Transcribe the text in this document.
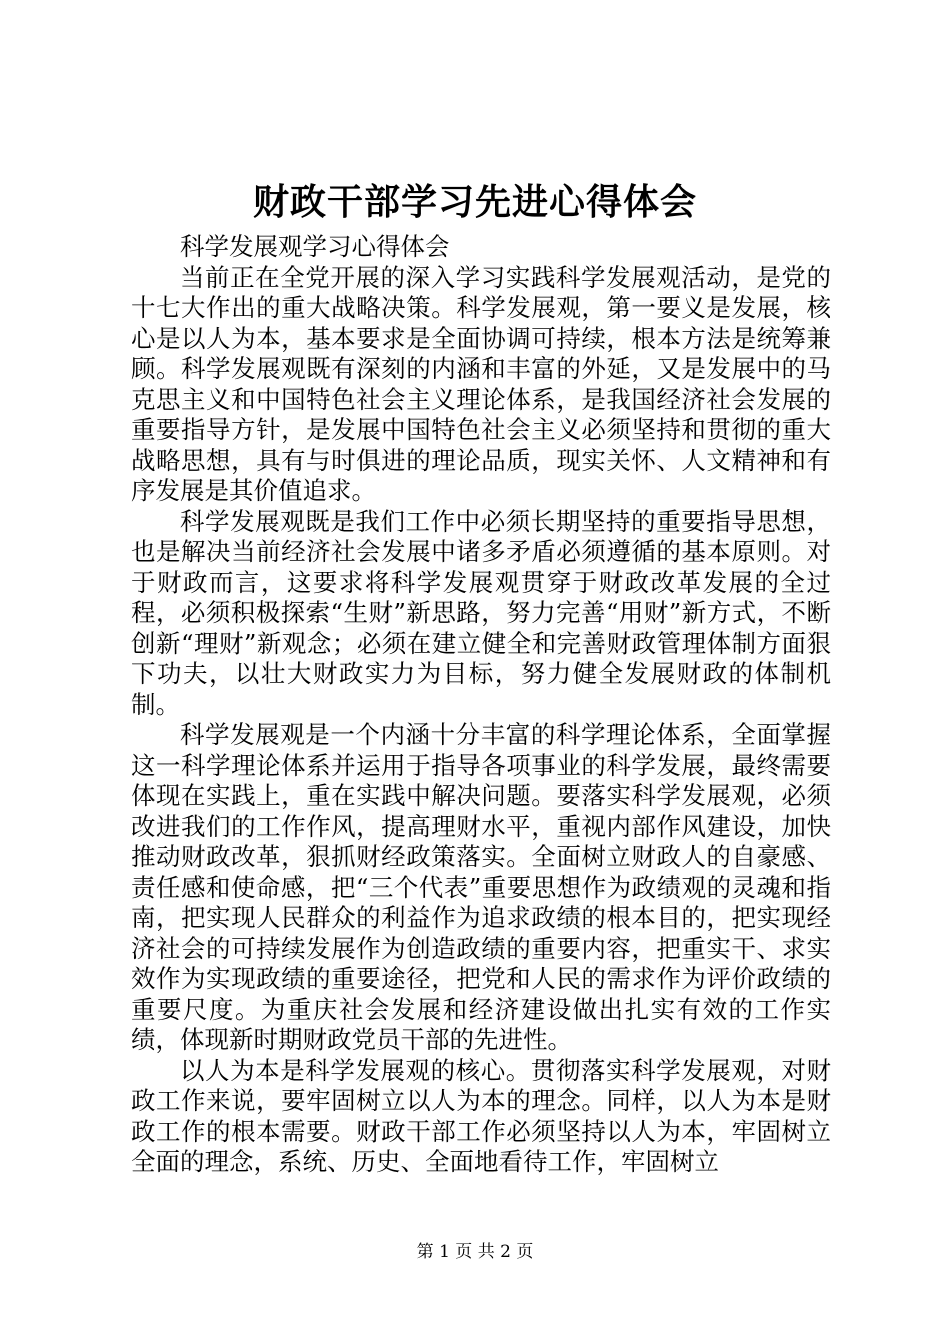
财政干部学习先进心得体会

科学发展观学习心得体会

当前正在全党开展的深入学习实践科学发展观活动，是党的十七大作出的重大战略决策。科学发展观，第一要义是发展，核心是以人为本，基本要求是全面协调可持续，根本方法是统筹兼顾。科学发展观既有深刻的内涵和丰富的外延，又是发展中的马克思主义和中国特色社会主义理论体系，是我国经济社会发展的重要指导方针，是发展中国特色社会主义必须坚持和贯彻的重大战略思想，具有与时俱进的理论品质，现实关怀、人文精神和有序发展是其价值追求。

科学发展观既是我们工作中必须长期坚持的重要指导思想，也是解决当前经济社会发展中诸多矛盾必须遵循的基本原则。对于财政而言，这要求将科学发展观贯穿于财政改革发展的全过程，必须积极探索“生财”新思路，努力完善“用财”新方式，不断创新“理财”新观念；必须在建立健全和完善财政管理体制方面狠下功夫，以壮大财政实力为目标，努力健全发展财政的体制机制。

科学发展观是一个内涵十分丰富的科学理论体系，全面掌握这一科学理论体系并运用于指导各项事业的科学发展，最终需要体现在实践上，重在实践中解决问题。要落实科学发展观，必须改进我们的工作作风，提高理财水平，重视内部作风建设，加快推动财政改革，狠抓财经政策落实。全面树立财政人的自豪感、责任感和使命感，把“三个代表”重要思想作为政绩观的灵魂和指南，把实现人民群众的利益作为追求政绩的根本目的，把实现经济社会的可持续发展作为创造政绩的重要内容，把重实干、求实效作为实现政绩的重要途径，把党和人民的需求作为评价政绩的重要尺度。为重庆社会发展和经济建设做出扎实有效的工作实绩，体现新时期财政党员干部的先进性。

以人为本是科学发展观的核心。贯彻落实科学发展观，对财政工作来说，要牢固树立以人为本的理念。同样，以人为本是财政工作的根本需要。财政干部工作必须坚持以人为本，牢固树立全面的理念，系统、历史、全面地看待工作，牢固树立

第 1 页 共 2 页
